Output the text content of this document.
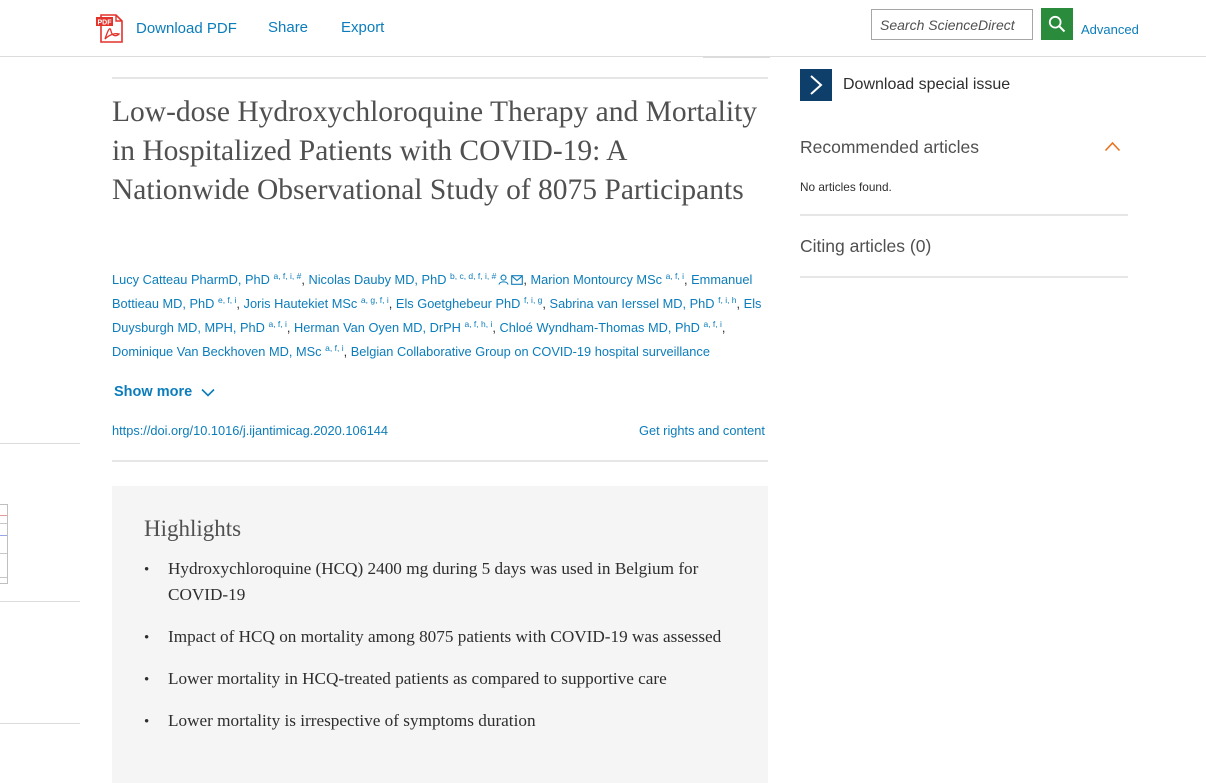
PDF Download PDF Share Export
Search ScienceDirect	Advanced
Low-dose Hydroxychloroquine Therapy and Mortality in Hospitalized Patients with COVID-19: A Nationwide Observational Study of 8075 Participants
Lucy Catteau PharmD, PhD $^{a, f, i, \#}$, Nicolas Dauby MD, PhD $^{b, c, d, f, i, \#}$ , Marion Montourcy MSc $^{a, f, i}$, Emmanuel Bottieau MD, PhD $^{e, f, i}$, Joris Hautekiet MSc $^{a, g, f, i}$, Els Goetghebeur PhD $^{f, i, g}$, Sabrina van Ierssel MD, PhD $^{f, i, h}$, Els Duysburgh MD, MPH, PhD $^{a, f, i}$, Herman Van Oyen MD, DrPH $^{a, f, h, i}$, Chloé Wyndham-Thomas MD, PhD $^{a, f, i}$, Dominique Van Beckhoven MD, MSc $^{a, f, i}$, Belgian Collaborative Group on COVID-19 hospital surveillance
Show more
https://doi.org/10.1016/j.ijantimicag.2020.106144	Get rights and content
Highlights
• Hydroxychloroquine (HCQ) 2400 mg during 5 days was used in Belgium for COVID-19
• Impact of HCQ on mortality among 8075 patients with COVID-19 was assessed
• Lower mortality in HCQ-treated patients as compared to supportive care
• Lower mortality is irrespective of symptoms duration
Download special issue
Recommended articles
No articles found.
Citing articles (0)
